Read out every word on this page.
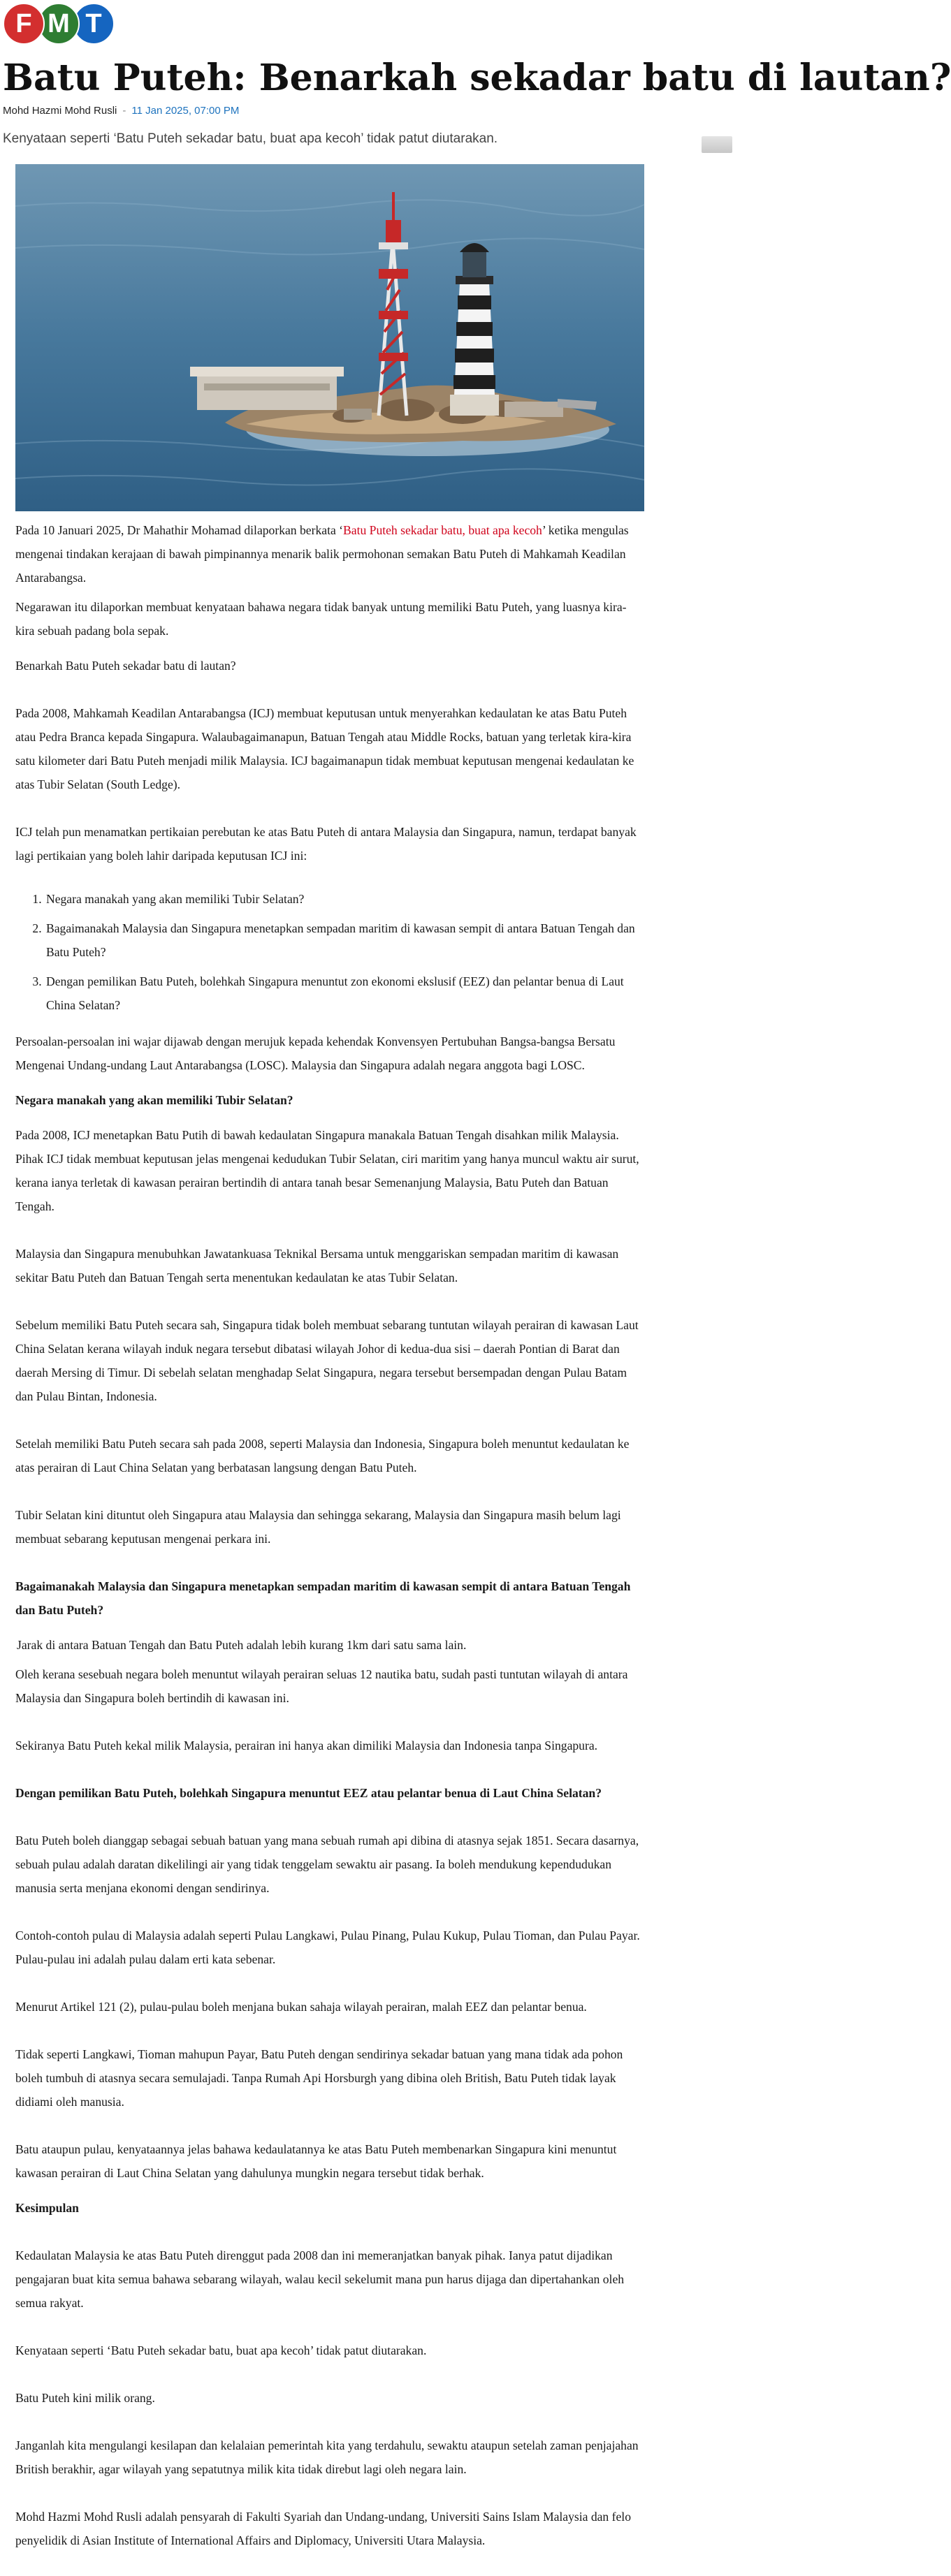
F M T
Batu Puteh: Benarkah sekadar batu di lautan?
Mohd Hazmi Mohd Rusli - 11 Jan 2025, 07:00 PM

Kenyataan seperti ‘Batu Puteh sekadar batu, buat apa kecoh’ tidak patut diutarakan.

Pada 10 Januari 2025, Dr Mahathir Mohamad dilaporkan berkata ‘Batu Puteh sekadar batu, buat apa kecoh’ ketika mengulas mengenai tindakan kerajaan di bawah pimpinannya menarik balik permohonan semakan Batu Puteh di Mahkamah Keadilan Antarabangsa.

Negarawan itu dilaporkan membuat kenyataan bahawa negara tidak banyak untung memiliki Batu Puteh, yang luasnya kira-kira sebuah padang bola sepak.

Benarkah Batu Puteh sekadar batu di lautan?

Pada 2008, Mahkamah Keadilan Antarabangsa (ICJ) membuat keputusan untuk menyerahkan kedaulatan ke atas Batu Puteh atau Pedra Branca kepada Singapura. Walaubagaimanapun, Batuan Tengah atau Middle Rocks, batuan yang terletak kira-kira satu kilometer dari Batu Puteh menjadi milik Malaysia. ICJ bagaimanapun tidak membuat keputusan mengenai kedaulatan ke atas Tubir Selatan (South Ledge).

ICJ telah pun menamatkan pertikaian perebutan ke atas Batu Puteh di antara Malaysia dan Singapura, namun, terdapat banyak lagi pertikaian yang boleh lahir daripada keputusan ICJ ini:

1. Negara manakah yang akan memiliki Tubir Selatan?
2. Bagaimanakah Malaysia dan Singapura menetapkan sempadan maritim di kawasan sempit di antara Batuan Tengah dan Batu Puteh?
3. Dengan pemilikan Batu Puteh, bolehkah Singapura menuntut zon ekonomi ekslusif (EEZ) dan pelantar benua di Laut China Selatan?

Persoalan-persoalan ini wajar dijawab dengan merujuk kepada kehendak Konvensyen Pertubuhan Bangsa-bangsa Bersatu Mengenai Undang-undang Laut Antarabangsa (LOSC). Malaysia dan Singapura adalah negara anggota bagi LOSC.

Negara manakah yang akan memiliki Tubir Selatan?

Pada 2008, ICJ menetapkan Batu Putih di bawah kedaulatan Singapura manakala Batuan Tengah disahkan milik Malaysia. Pihak ICJ tidak membuat keputusan jelas mengenai kedudukan Tubir Selatan, ciri maritim yang hanya muncul waktu air surut, kerana ianya terletak di kawasan perairan bertindih di antara tanah besar Semenanjung Malaysia, Batu Puteh dan Batuan Tengah.

Malaysia dan Singapura menubuhkan Jawatankuasa Teknikal Bersama untuk menggariskan sempadan maritim di kawasan sekitar Batu Puteh dan Batuan Tengah serta menentukan kedaulatan ke atas Tubir Selatan.

Sebelum memiliki Batu Puteh secara sah, Singapura tidak boleh membuat sebarang tuntutan wilayah perairan di kawasan Laut China Selatan kerana wilayah induk negara tersebut dibatasi wilayah Johor di kedua-dua sisi – daerah Pontian di Barat dan daerah Mersing di Timur. Di sebelah selatan menghadap Selat Singapura, negara tersebut bersempadan dengan Pulau Batam dan Pulau Bintan, Indonesia.

Setelah memiliki Batu Puteh secara sah pada 2008, seperti Malaysia dan Indonesia, Singapura boleh menuntut kedaulatan ke atas perairan di Laut China Selatan yang berbatasan langsung dengan Batu Puteh.

Tubir Selatan kini dituntut oleh Singapura atau Malaysia dan sehingga sekarang, Malaysia dan Singapura masih belum lagi membuat sebarang keputusan mengenai perkara ini.

Bagaimanakah Malaysia dan Singapura menetapkan sempadan maritim di kawasan sempit di antara Batuan Tengah dan Batu Puteh?

Jarak di antara Batuan Tengah dan Batu Puteh adalah lebih kurang 1km dari satu sama lain.

Oleh kerana sesebuah negara boleh menuntut wilayah perairan seluas 12 nautika batu, sudah pasti tuntutan wilayah di antara Malaysia dan Singapura boleh bertindih di kawasan ini.

Sekiranya Batu Puteh kekal milik Malaysia, perairan ini hanya akan dimiliki Malaysia dan Indonesia tanpa Singapura.

Dengan pemilikan Batu Puteh, bolehkah Singapura menuntut EEZ atau pelantar benua di Laut China Selatan?

Batu Puteh boleh dianggap sebagai sebuah batuan yang mana sebuah rumah api dibina di atasnya sejak 1851. Secara dasarnya, sebuah pulau adalah daratan dikelilingi air yang tidak tenggelam sewaktu air pasang. Ia boleh mendukung kependudukan manusia serta menjana ekonomi dengan sendirinya.

Contoh-contoh pulau di Malaysia adalah seperti Pulau Langkawi, Pulau Pinang, Pulau Kukup, Pulau Tioman, dan Pulau Payar. Pulau-pulau ini adalah pulau dalam erti kata sebenar.

Menurut Artikel 121 (2), pulau-pulau boleh menjana bukan sahaja wilayah perairan, malah EEZ dan pelantar benua.

Tidak seperti Langkawi, Tioman mahupun Payar, Batu Puteh dengan sendirinya sekadar batuan yang mana tidak ada pohon boleh tumbuh di atasnya secara semulajadi. Tanpa Rumah Api Horsburgh yang dibina oleh British, Batu Puteh tidak layak didiami oleh manusia.

Batu ataupun pulau, kenyataannya jelas bahawa kedaulatannya ke atas Batu Puteh membenarkan Singapura kini menuntut kawasan perairan di Laut China Selatan yang dahulunya mungkin negara tersebut tidak berhak.

Kesimpulan

Kedaulatan Malaysia ke atas Batu Puteh direnggut pada 2008 dan ini memeranjatkan banyak pihak. Ianya patut dijadikan pengajaran buat kita semua bahawa sebarang wilayah, walau kecil sekelumit mana pun harus dijaga dan dipertahankan oleh semua rakyat.

Kenyataan seperti ‘Batu Puteh sekadar batu, buat apa kecoh’ tidak patut diutarakan.

Batu Puteh kini milik orang.

Janganlah kita mengulangi kesilapan dan kelalaian pemerintah kita yang terdahulu, sewaktu ataupun setelah zaman penjajahan British berakhir, agar wilayah yang sepatutnya milik kita tidak direbut lagi oleh negara lain.

Mohd Hazmi Mohd Rusli adalah pensyarah di Fakulti Syariah dan Undang-undang, Universiti Sains Islam Malaysia dan felo penyelidik di Asian Institute of International Affairs and Diplomacy, Universiti Utara Malaysia.
